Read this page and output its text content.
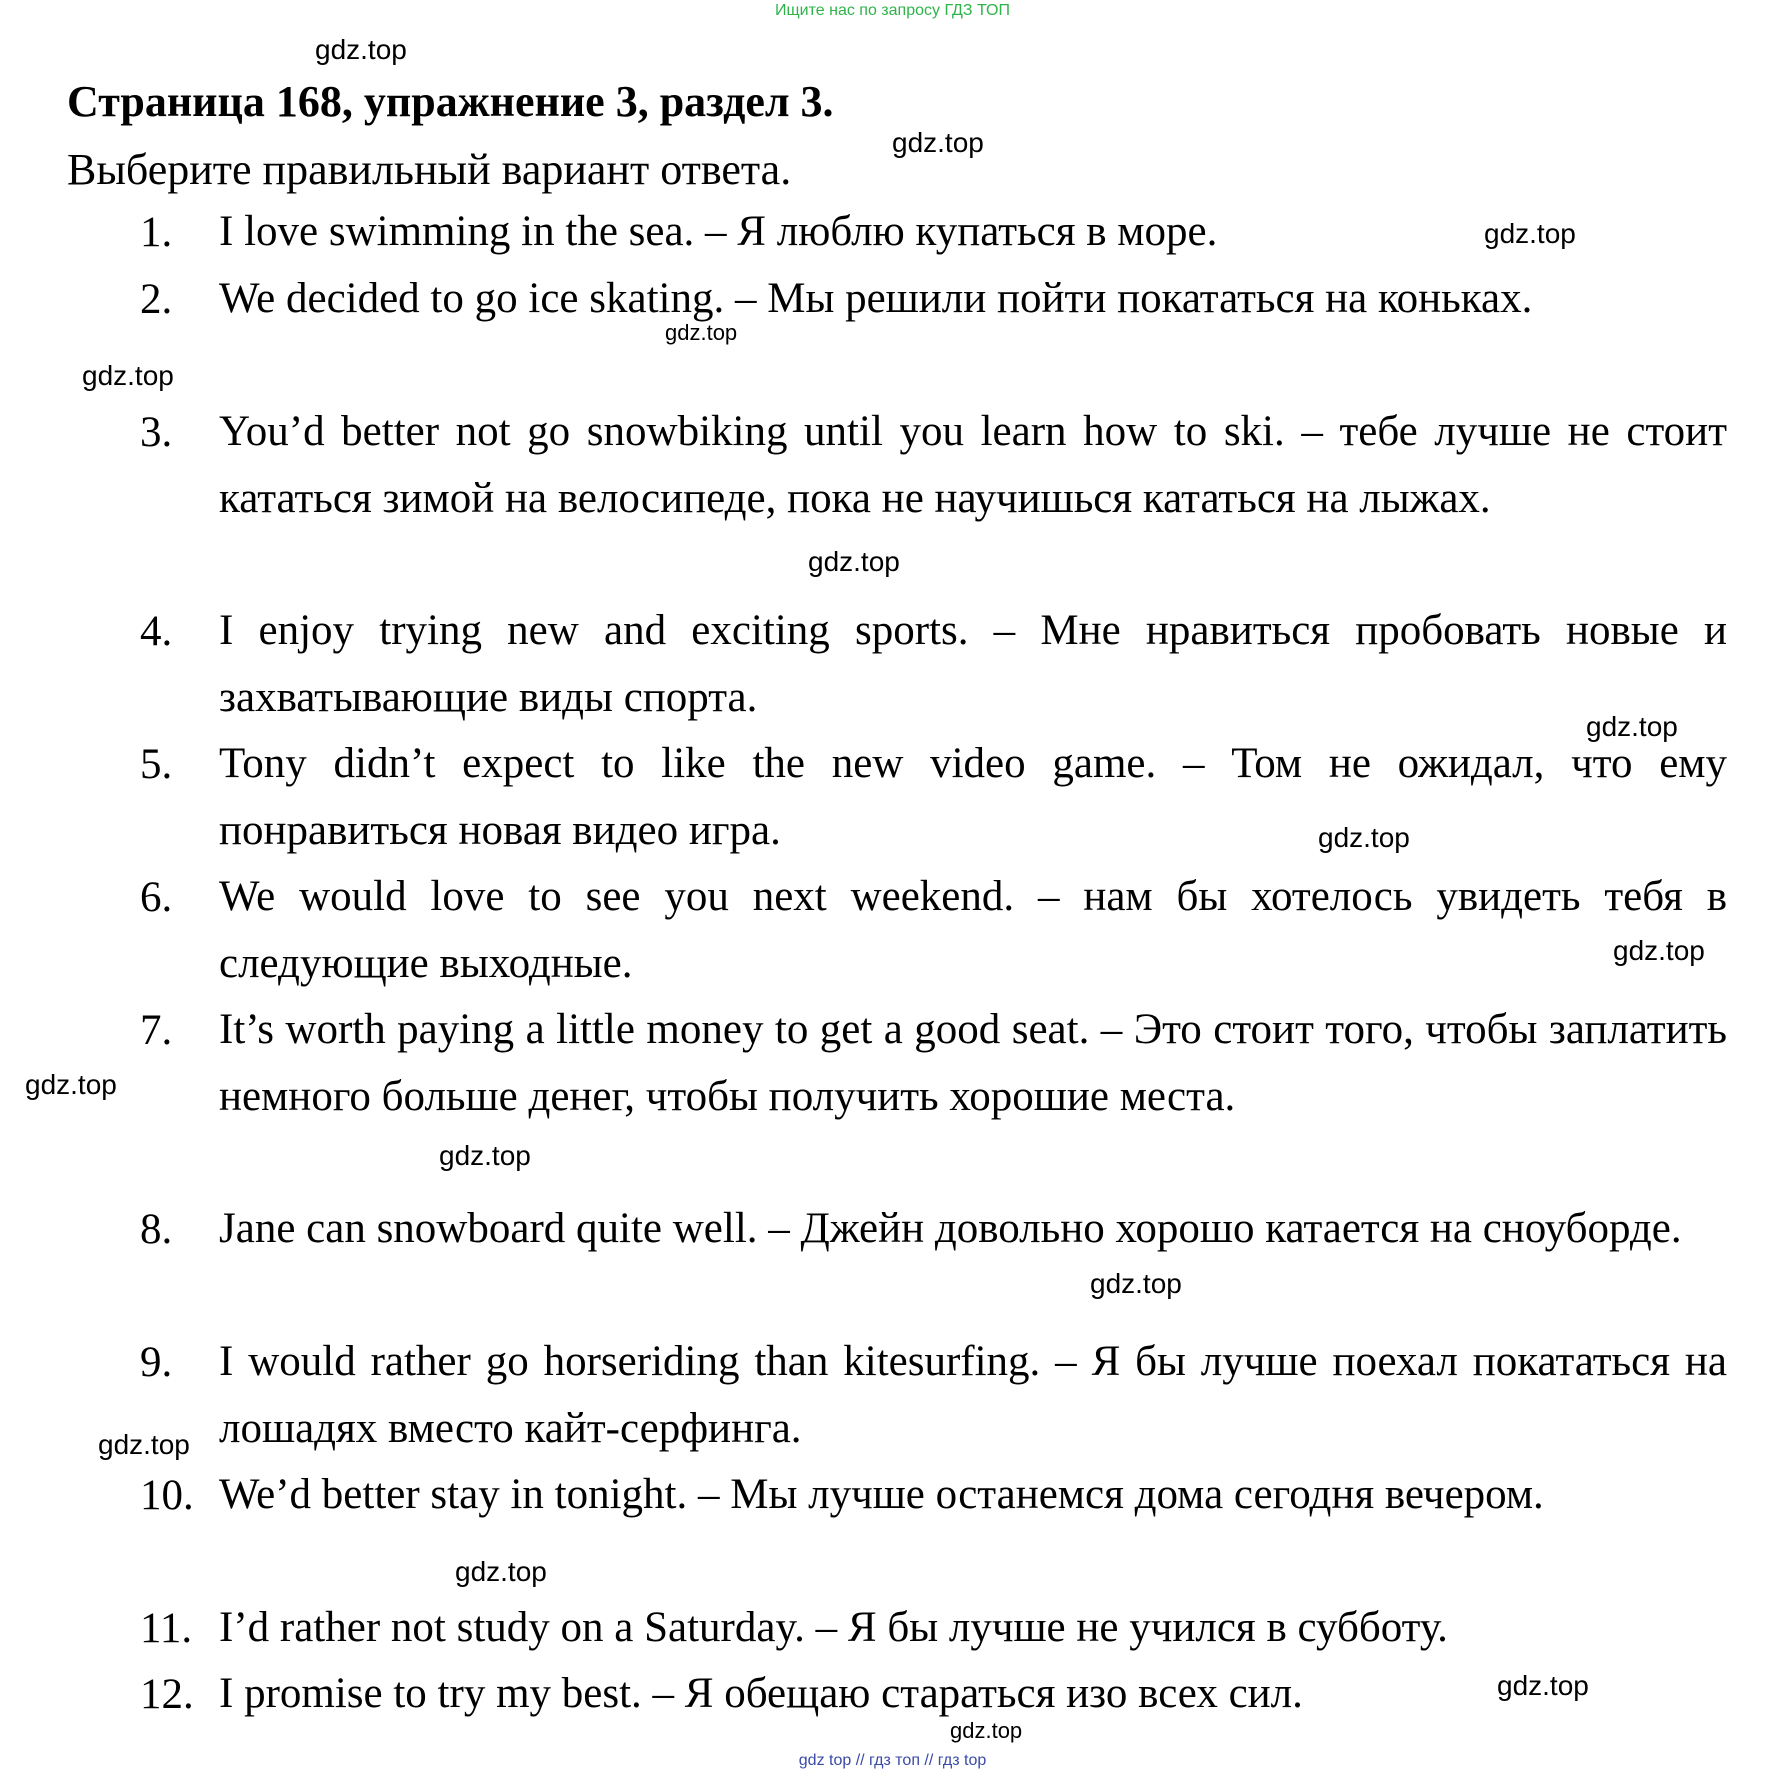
Ищите нас по запросу ГДЗ ТОП
Страница 168, упражнение 3, раздел 3.
Выберите правильный вариант ответа.
1.	I love swimming in the sea. – Я люблю купаться в море.
2.	We decided to go ice skating. – Мы решили пойти покататься на коньках.
3.	You’d better not go snowbiking until you learn how to ski. – тебе лучше не стоит кататься зимой на велосипеде, пока не научишься кататься на лыжах.
4.	I enjoy trying new and exciting sports. – Мне нравиться пробовать новые и захватывающие виды спорта.
5.	Tony didn’t expect to like the new video game. – Том не ожидал, что ему понравиться новая видео игра.
6.	We would love to see you next weekend. – нам бы хотелось увидеть тебя в следующие выходные.
7.	It’s worth paying a little money to get a good seat. – Это стоит того, чтобы заплатить немного больше денег, чтобы получить хорошие места.
8.	Jane can snowboard quite well. – Джейн довольно хорошо катается на сноуборде.
9.	I would rather go horseriding than kitesurfing. – Я бы лучше поехал покататься на лошадях вместо кайт-серфинга.
10. We’d better stay in tonight. – Мы лучше останемся дома сегодня вечером.
11. I’d rather not study on a Saturday. – Я бы лучше не учился в субботу.
12. I promise to try my best. – Я обещаю стараться изо всех сил.
gdz.top
gdz.top
gdz.top
gdz.top
gdz.top
gdz.top
gdz.top
gdz.top
gdz.top
gdz.top
gdz.top
gdz.top
gdz.top
gdz.top
gdz.top
gdz.top
gdz top // гдз топ // гдз top
